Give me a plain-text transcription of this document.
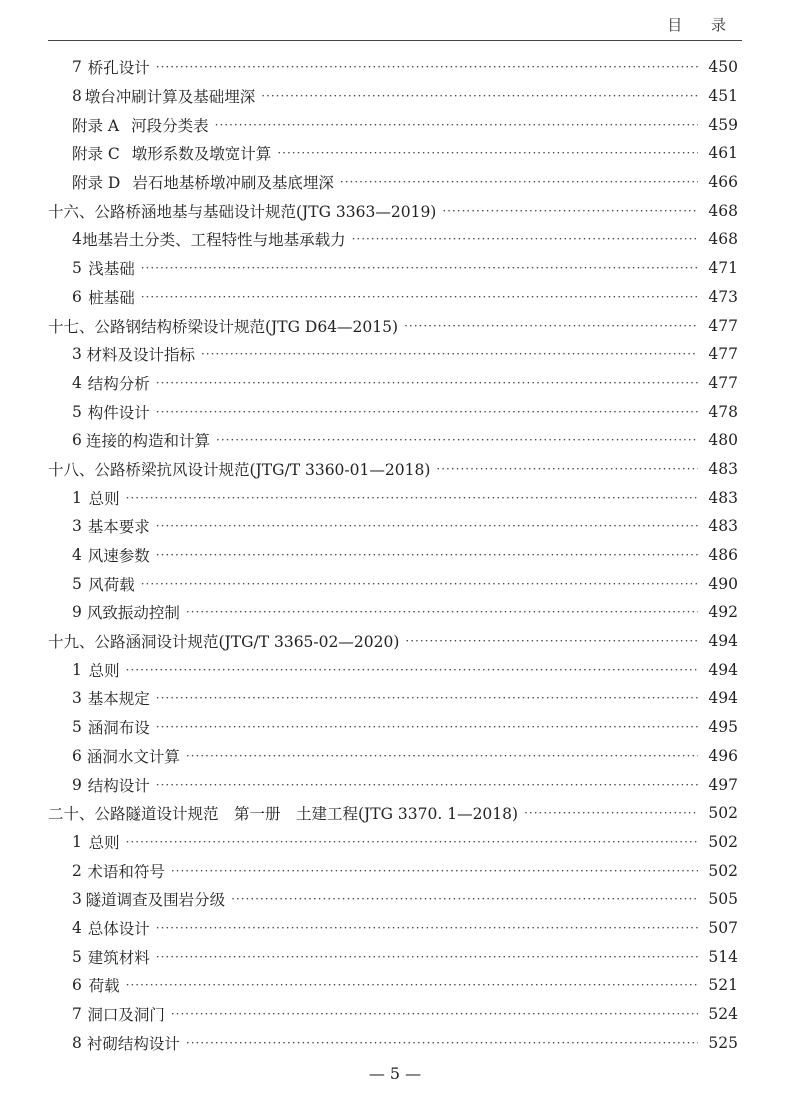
目 录
7 桥孔设计 ·····	450
8 墩台冲刷计算及基础埋深 ·····	451
附录 A 河段分类表 ·····	459
附录 C 墩形系数及墩宽计算 ·····	461
附录 D 岩石地基桥墩冲刷及基底埋深 ·····	466
十六、公路桥涵地基与基础设计规范(JTG 3363—2019) ·····	468
4 地基岩土分类、工程特性与地基承载力 ·····	468
5 浅基础 ·····	471
6 桩基础 ·····	473
十七、公路钢结构桥梁设计规范(JTG D64—2015) ·····	477
3 材料及设计指标 ·····	477
4 结构分析 ·····	477
5 构件设计 ·····	478
6 连接的构造和计算 ·····	480
十八、公路桥梁抗风设计规范(JTG/T 3360-01—2018) ·····	483
1 总则 ·····	483
3 基本要求 ·····	483
4 风速参数 ·····	486
5 风荷载 ·····	490
9 风致振动控制 ·····	492
十九、公路涵洞设计规范(JTG/T 3365-02—2020) ·····	494
1 总则 ·····	494
3 基本规定 ·····	494
5 涵洞布设 ·····	495
6 涵洞水文计算 ·····	496
9 结构设计 ·····	497
二十、公路隧道设计规范　第一册　土建工程(JTG 3370. 1—2018) ·····	502
1 总则 ·····	502
2 术语和符号 ·····	502
3 隧道调查及围岩分级 ·····	505
4 总体设计 ·····	507
5 建筑材料 ·····	514
6 荷载 ·····	521
7 洞口及洞门 ·····	524
8 衬砌结构设计 ·····	525
— 5 —
